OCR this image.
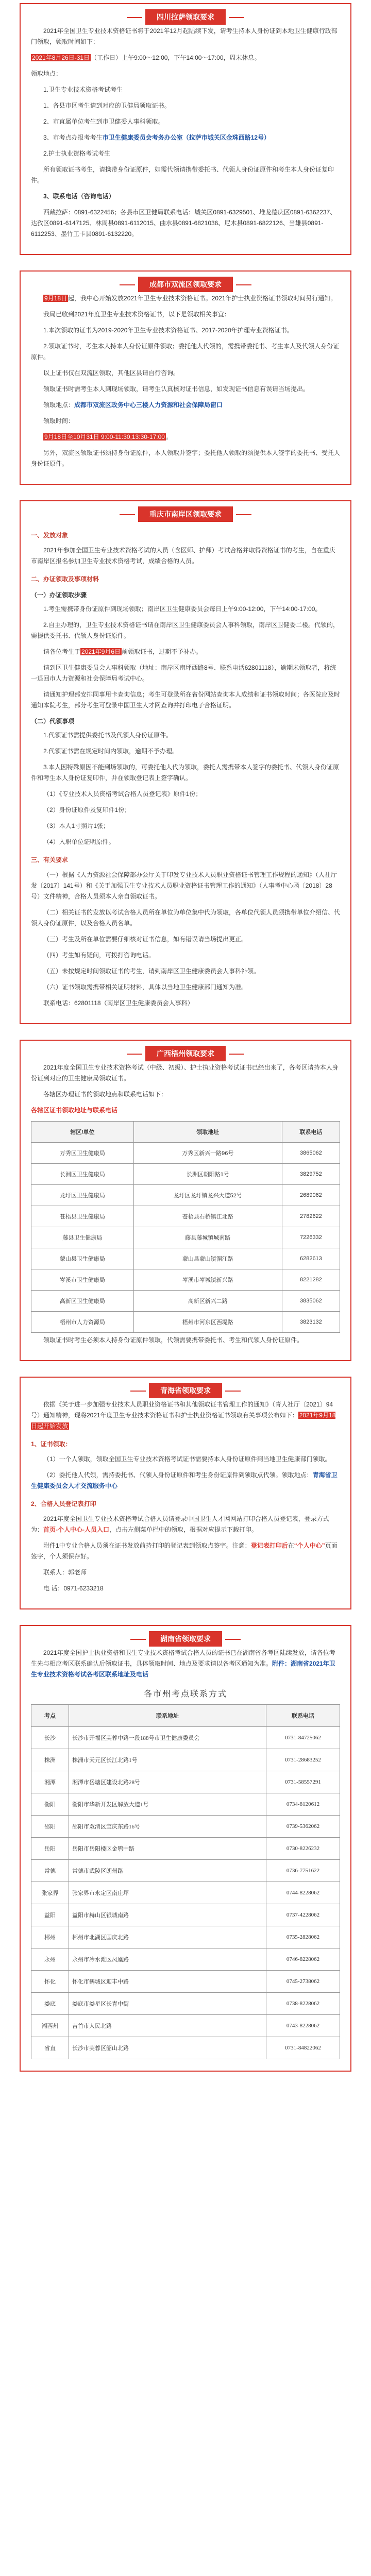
四川拉萨领取要求

2021年全国卫生专业技术资格证书将于2021年12月起陆续下发，请考生持本人身份证到本地卫生健康行政部门领取，领取时间如下：

2021年8月26日-31日 （工作日）上午9:00～12:00，下午14:00～17:00，周末休息。

领取地点：

1.卫生专业技术资格考试考生

1、各县市区考生请到对应的卫健局领取证书。

2、市直属单位考生到市卫健委人事科领取。

3、市考点办报考考生市卫生健康委员会考务办公室（拉萨市城关区金珠西路12号）

2.护士执业资格考试考生

所有领取证书考生，请携带身份证原件，如需代领请携带委托书、代领人身份证原件和考生本人身份证复印件。

3、联系电话（咨询电话）

西藏拉萨：0891-6322456；各县市区卫健局联系电话：城关区0891-6329501、堆龙德庆区0891-6362237、达孜区0891-6147125、林周县0891-6112015、曲水县0891-6821036、尼木县0891-6822126、当雄县0891-6112253、墨竹工卡县0891-6132220。

成都市双流区领取要求

9月18日 起，我中心开始发放2021年卫生专业技术资格证书。2021年护士执业资格证书领取时间另行通知。

我局已收到2021年度卫生专业技术资格证书，以下是领取相关事宜：

1.本次领取的证书为2019-2020年卫生专业技术资格证书、2017-2020年护理专业资格证书。

2.领取证书时，考生本人持本人身份证原件领取；委托他人代领的，需携带委托书、考生本人及代领人身份证原件。

以上证书仅在双流区领取，其他区县请自行咨询。

领取证书时需考生本人到现场领取，请考生认真核对证书信息，如发现证书信息有误请当场提出。

领取地点：成都市双流区政务中心三楼人力资源和社会保障局窗口

领取时间：

9月18日至10月31日 9:00-11:30,13:30-17:00 。

另外，双流区领取证书须持身份证原件，本人领取并签字；委托他人领取的须提供本人签字的委托书、受托人身份证原件。

重庆市南岸区领取要求

一、发放对象

2021年参加全国卫生专业技术资格考试的人员（含医师、护师）考试合格并取得资格证书的考生，自在重庆市南岸区报名参加卫生专业技术资格考试，成绩合格的人员。

二、办证领取及事项材料

（一）办证领取步骤

1.考生需携带身份证原件到现场领取；南岸区卫生健康委员会每日上午9:00-12:00，下午14:00-17:00。

2.自主办理的，卫生专业技术资格证书请在南岸区卫生健康委员会人事科领取，南岸区卫健委二楼。代领的，需提供委托书、代领人身份证原件。

请各位考生于 2021年9月6日 前领取证书，过期不予补办。

请到区卫生健康委员会人事科领取（地址：南岸区南坪西路8号、联系电话62801118），逾期未领取者，将统一退回市人力资源和社会保障局考试中心。

请通知护理部安排同事用卡查询信息；考生可登录所在省份网站查询本人成绩和证书领取时间；各医院应及时通知本院考生，部分考生可登录中国卫生人才网查询并打印电子合格证明。

（二）代领事项

1.代领证书需提供委托书及代领人身份证原件。

2.代领证书需在规定时间内领取，逾期不予办理。

3.本人因特殊原因不能到场领取的，可委托他人代为领取，委托人需携带本人签字的委托书、代领人身份证原件和考生本人身份证复印件，并在领取登记表上签字确认。

（1）《专业技术人员资格考试合格人员登记表》原件1份；

（2）身份证原件及复印件1份；

（3）本人1寸照片1张；

（4）入职单位证明原件。

三、有关要求

（一）根据《人力资源社会保障部办公厅关于印发专业技术人员职业资格证书管理工作规程的通知》（人社厅发〔2017〕141号）和《关于加强卫生专业技术人员职业资格证书管理工作的通知》（人事考中心函〔2018〕28号）文件精神，合格人员须本人亲自领取证书。

（二）相关证书的发放以考试合格人员所在单位为单位集中代为领取，各单位代领人员须携带单位介绍信、代领人身份证原件，以及合格人员名单。

（三）考生及所在单位需要仔细核对证书信息，如有错误请当场提出更正。

（四）考生如有疑问，可拨打咨询电话。

（五）未按规定时间领取证书的考生，请到南岸区卫生健康委员会人事科补领。

（六）证书领取需携带相关证明材料，具体以当地卫生健康部门通知为准。

联系电话：62801118（南岸区卫生健康委员会人事科）

广西梧州领取要求

2021年度全国卫生专业技术资格考试（中级、初级）、护士执业资格考试证书已经出来了，各考区请持本人身份证到对应的卫生健康局领取证书。

各辖区办理证书的领取地点和联系电话如下：

各辖区证书领取地址与联系电话

辖区/单位	领取地址	联系电话
万秀区卫生健康局	万秀区新兴一路96号	3865062
长洲区卫生健康局	长洲区朝阳路1号	3829752
龙圩区卫生健康局	龙圩区龙圩镇龙兴大道52号	2689062
苍梧县卫生健康局	苍梧县石桥镇江北路	2782622
藤县卫生健康局	藤县藤城镇城南路	7226332
蒙山县卫生健康局	蒙山县蒙山镇湄江路	6282613
岑溪市卫生健康局	岑溪市岑城镇新兴路	8221282
高新区卫生健康局	高新区新兴二路	3835062
梧州市人力资源局	梧州市河东区西堤路	3823132

领取证书时考生必须本人持身份证原件领取，代领需要携带委托书、考生和代领人身份证原件。

青海省领取要求

依据《关于进一步加强专业技术人员职业资格证书和其他领取证书管理工作的通知》（青人社厅〔2021〕94号）通知精神，现将2021年度卫生专业技术资格证书和护士执业资格证书领取有关事项公布如下： 2021年9月18日起开始发放

1、证书领取：

（1）一个人领取，领取全国卫生专业技术资格考试证书需要持本人身份证原件到当地卫生健康部门领取。

（2）委托他人代领，需持委托书、代领人身份证原件和考生身份证原件到领取点代领。领取地点：青海省卫生健康委员会人才交流服务中心

2、合格人员登记表打印

2021年度全国卫生专业技术资格考试合格人员请登录中国卫生人才网网站打印合格人员登记表，登录方式为：首页-个人中心-人员入口，点击左侧菜单栏中的领取，根据对应提示下载打印。

附件1中专业合格人员须在证书发放前持打印的登记表到领取点签字。注意：登记表打印后在“个人中心”页面签字，个人须保存好。

联系人：郭老师

电 话：0971-6233218

湖南省领取要求

2021年度全国护士执业资格和卫生专业技术资格考试合格人员的证书已在湖南省各考区陆续发放，请各位考生先与相应考区联系确认后领取证书，具体领取时间、地点及要求请以各考区通知为准。附件：湖南省2021年卫生专业技术资格考试各考区联系地址及电话

各市州考点联系方式
考点	联系地址	联系电话
长沙	长沙市开福区芙蓉中路一段188号市卫生健康委员会	0731-84725062
株洲	株洲市天元区长江北路1号	0731-28683252
湘潭	湘潭市岳塘区建设北路28号	0731-58557291
衡阳	衡阳市华新开发区解放大道1号	0734-8120612
邵阳	邵阳市双清区宝庆东路16号	0739-5362062
岳阳	岳阳市岳阳楼区金鹗中路	0730-8226232
常德	常德市武陵区朗州路	0736-7751622
张家界	张家界市永定区南庄坪	0744-8228062
益阳	益阳市赫山区银城南路	0737-4228062
郴州	郴州市北湖区国庆北路	0735-2828062
永州	永州市冷水滩区凤凰路	0746-8228062
怀化	怀化市鹤城区迎丰中路	0745-2738062
娄底	娄底市娄星区长青中街	0738-8228062
湘西州	吉首市人民北路	0743-8228062
省直	长沙市芙蓉区韶山北路	0731-84822062
